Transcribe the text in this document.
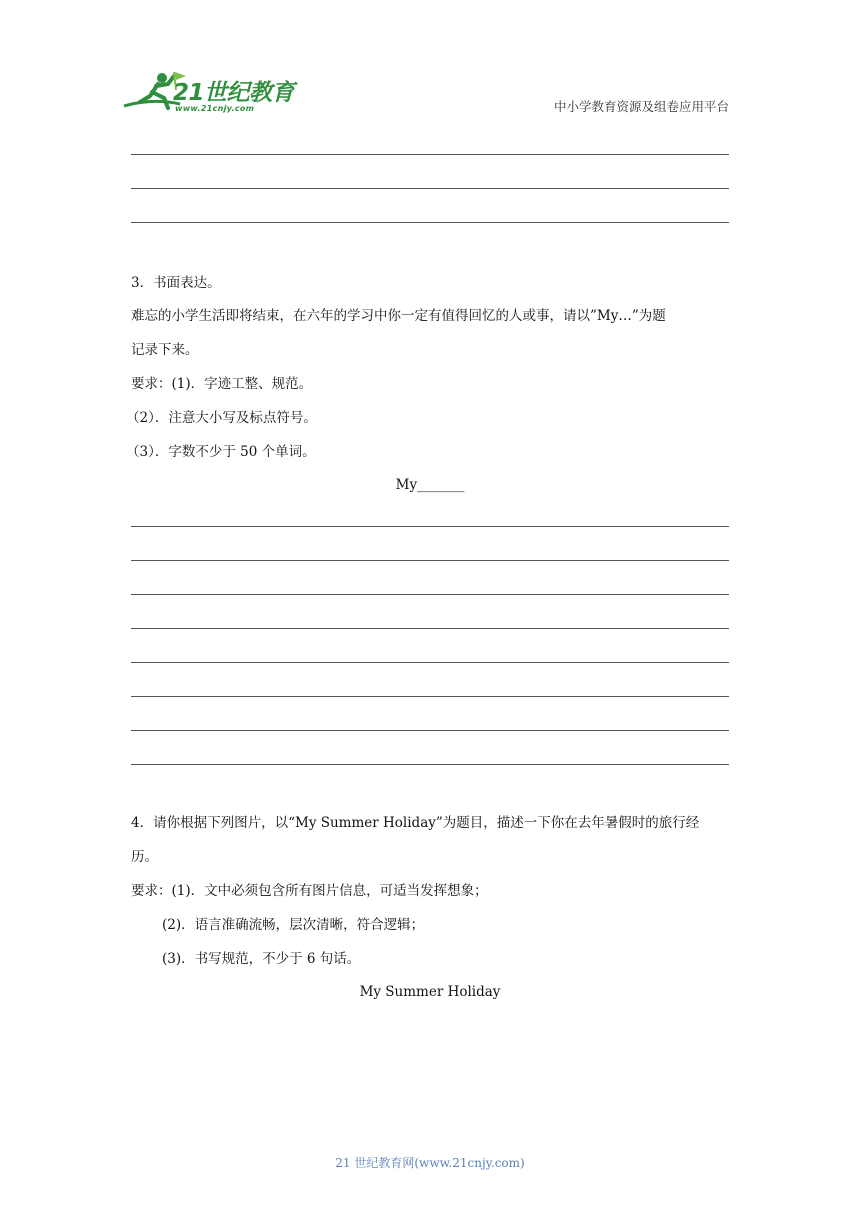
21世纪教育
www.21cnjy.com	中小学教育资源及组卷应用平台
3．书面表达。
难忘的小学生活即将结束，在六年的学习中你一定有值得回忆的人或事，请以”My…”为题
记录下来。
要求：(1)．字迹工整、规范。
（2）．注意大小写及标点符号。
（3）．字数不少于 50 个单词。
My_______
4．请你根据下列图片，以“My Summer Holiday”为题目，描述一下你在去年暑假时的旅行经
历。
要求：(1)．文中必须包含所有图片信息，可适当发挥想象；
(2)．语言准确流畅，层次清晰，符合逻辑；
(3)．书写规范，不少于 6 句话。
My Summer Holiday
21 世纪教育网(www.21cnjy.com)
